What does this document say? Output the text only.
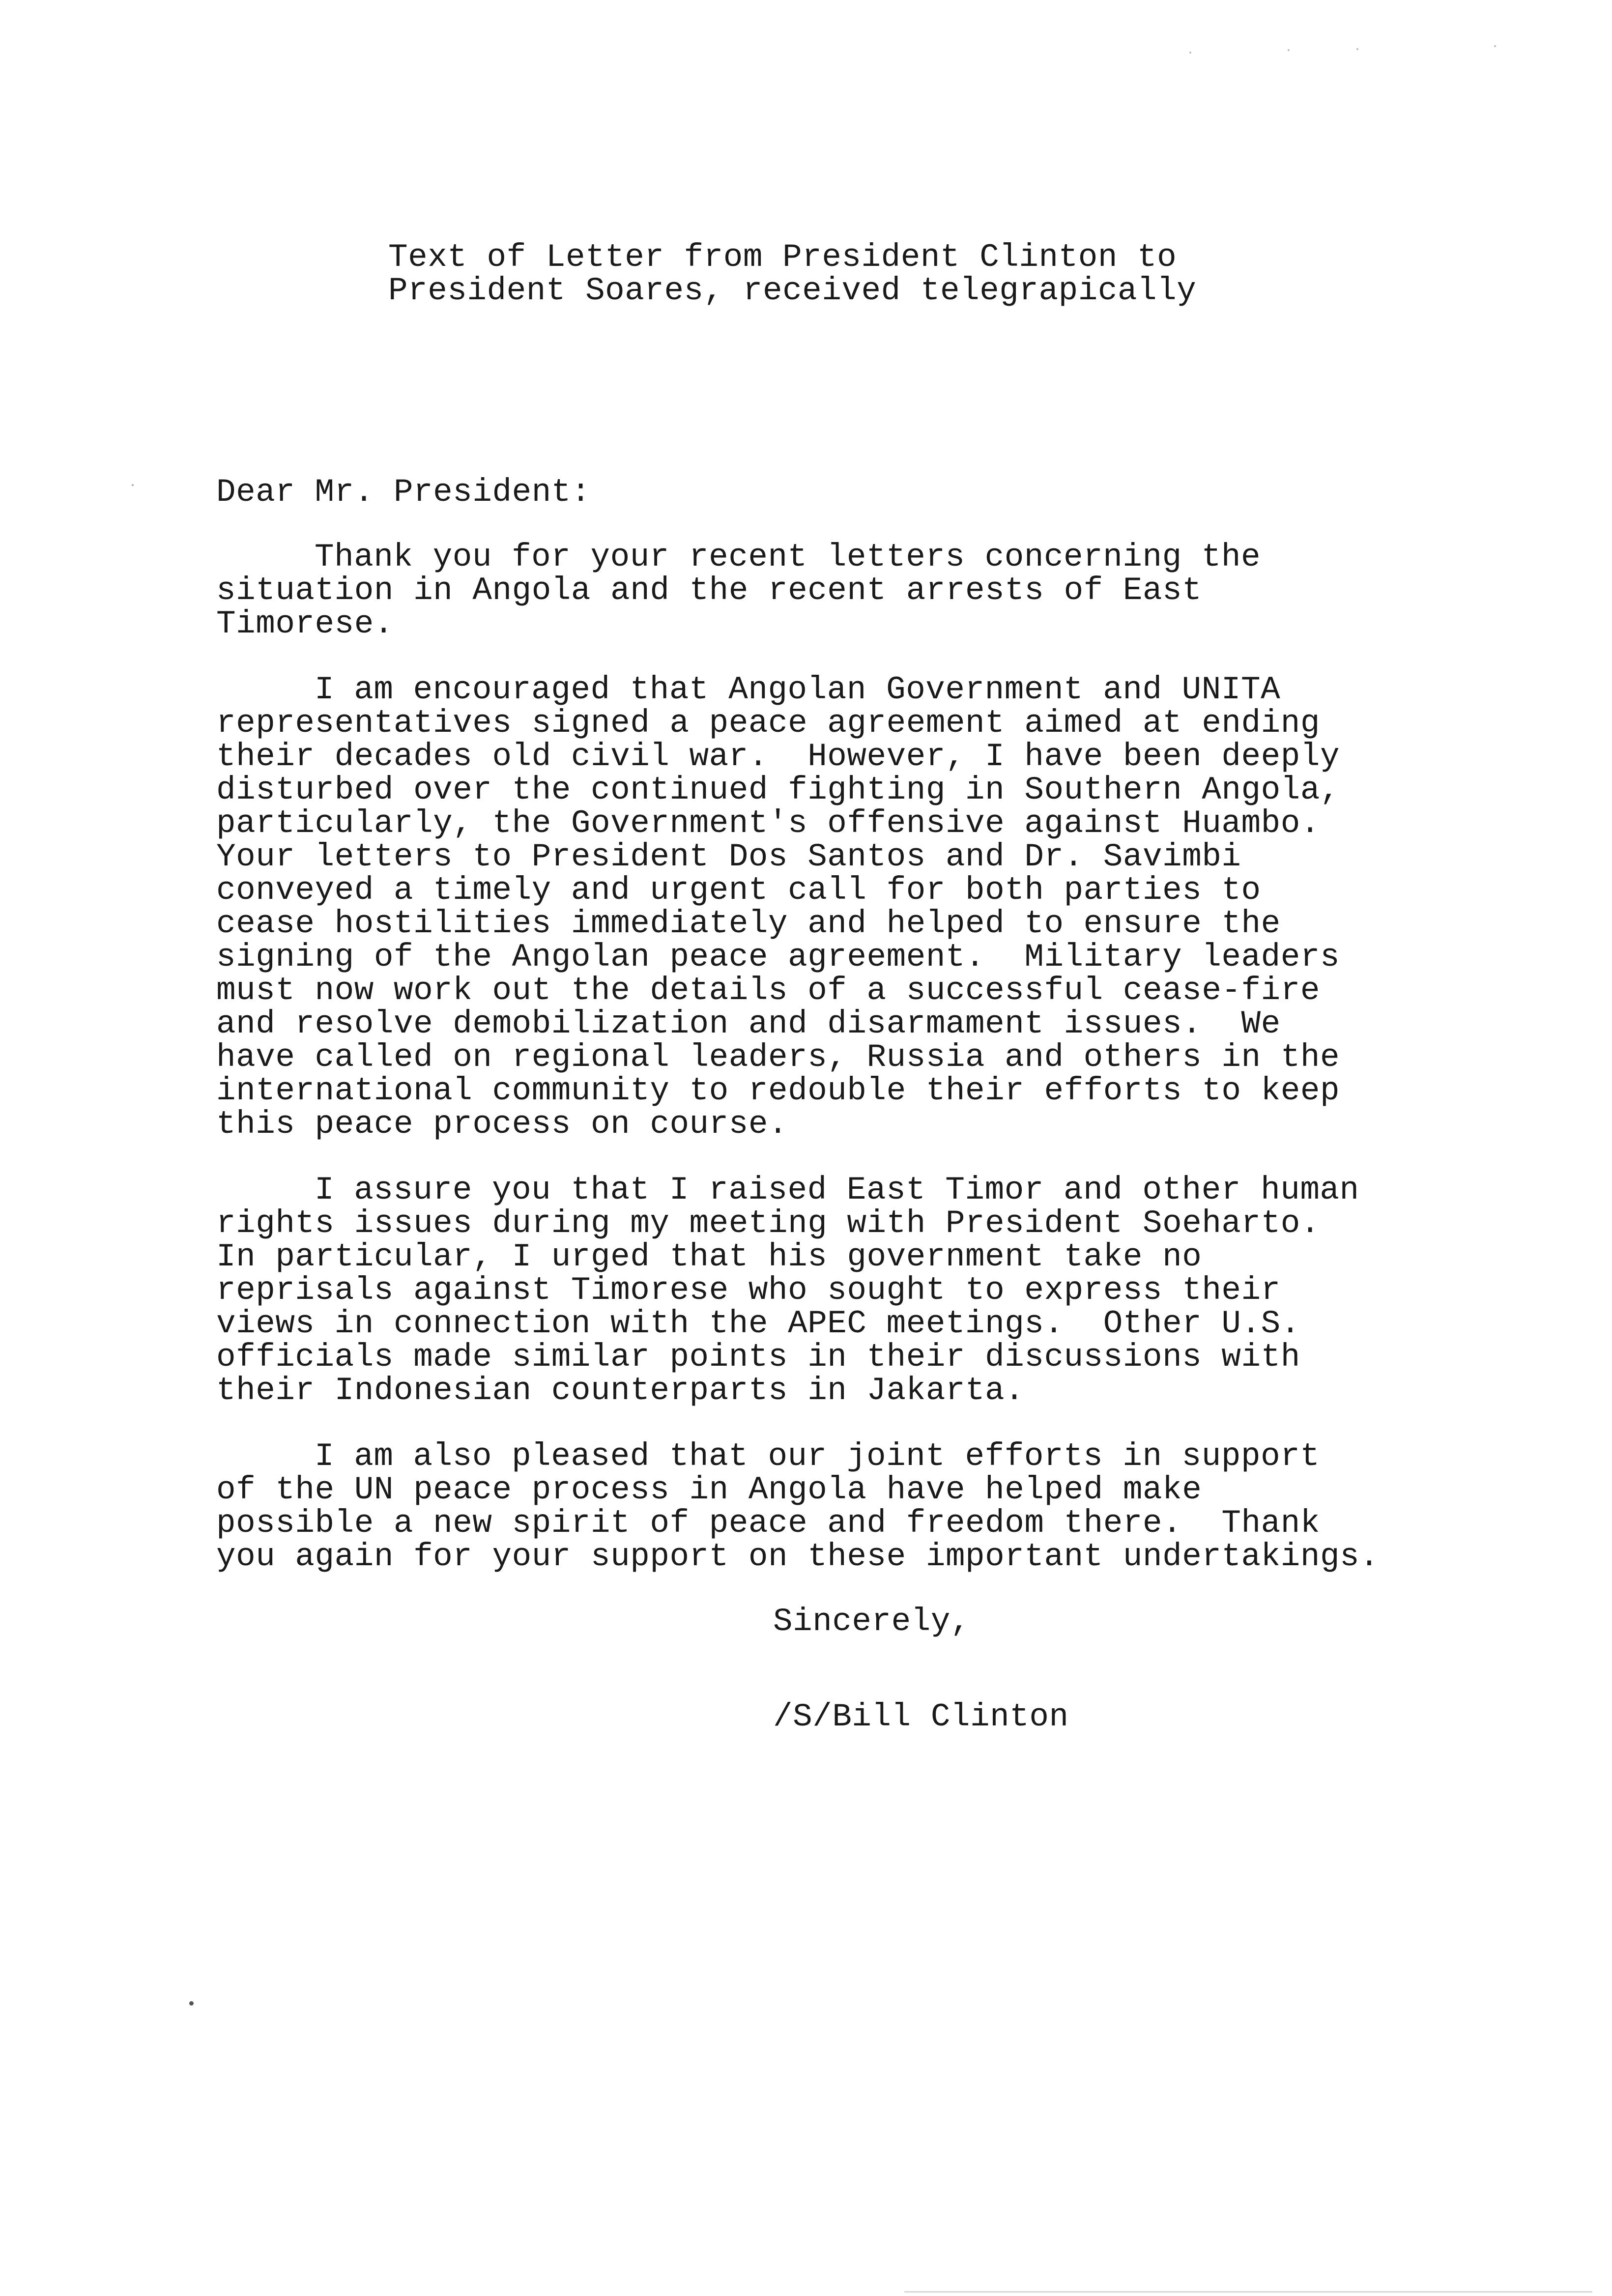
Text of Letter from President Clinton to
President Soares, received telegrapically
Dear Mr. President:
Thank you for your recent letters concerning the
situation in Angola and the recent arrests of East
Timorese.
I am encouraged that Angolan Government and UNITA
representatives signed a peace agreement aimed at ending
their decades old civil war.  However, I have been deeply
disturbed over the continued fighting in Southern Angola,
particularly, the Government's offensive against Huambo.
Your letters to President Dos Santos and Dr. Savimbi
conveyed a timely and urgent call for both parties to
cease hostilities immediately and helped to ensure the
signing of the Angolan peace agreement.  Military leaders
must now work out the details of a successful cease-fire
and resolve demobilization and disarmament issues.  We
have called on regional leaders, Russia and others in the
international community to redouble their efforts to keep
this peace process on course.
I assure you that I raised East Timor and other human
rights issues during my meeting with President Soeharto.
In particular, I urged that his government take no
reprisals against Timorese who sought to express their
views in connection with the APEC meetings.  Other U.S.
officials made similar points in their discussions with
their Indonesian counterparts in Jakarta.
I am also pleased that our joint efforts in support
of the UN peace process in Angola have helped make
possible a new spirit of peace and freedom there.  Thank
you again for your support on these important undertakings.
Sincerely,
/S/Bill Clinton
